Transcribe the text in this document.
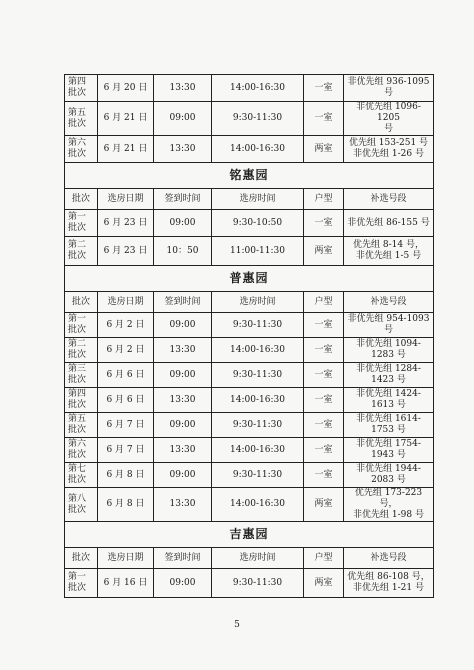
第四
批次	6 月 20 日	13:30	14:00-16:30	一室	非优先组 936-1095 号
第五
批次	6 月 21 日	09:00	9:30-11:30	一室	非优先组 1096-1205
号
第六
批次	6 月 21 日	13:30	14:00-16:30	两室	优先组 153-251 号
非优先组 1-26 号
铭惠园					
批次	选房日期	签到时间	选房时间	户型	补选号段
第一
批次	6 月 23 日	09:00	9:30-10:50	一室	非优先组 86-155 号
第二
批次	6 月 23 日	10：50	11:00-11:30	两室	优先组 8-14 号，
非优先组 1-5 号
普惠园					
批次	选房日期	签到时间	选房时间	户型	补选号段
第一
批次	6 月 2 日	09:00	9:30-11:30	一室	非优先组 954-1093 号
第二
批次	6 月 2 日	13:30	14:00-16:30	一室	非优先组 1094-1283 号
第三
批次	6 月 6 日	09:00	9:30-11:30	一室	非优先组 1284-1423 号
第四
批次	6 月 6 日	13:30	14:00-16:30	一室	非优先组 1424-1613 号
第五
批次	6 月 7 日	09:00	9:30-11:30	一室	非优先组 1614-1753 号
第六
批次	6 月 7 日	13:30	14:00-16:30	一室	非优先组 1754-1943 号
第七
批次	6 月 8 日	09:00	9:30-11:30	一室	非优先组 1944-2083 号
第八
批次	6 月 8 日	13:30	14:00-16:30	两室	优先组 173-223 号，
非优先组 1-98 号
吉惠园					
批次	选房日期	签到时间	选房时间	户型	补选号段
第一
批次	6 月 16 日	09:00	9:30-11:30	两室	优先组 86-108 号，
非优先组 1-21 号
5
